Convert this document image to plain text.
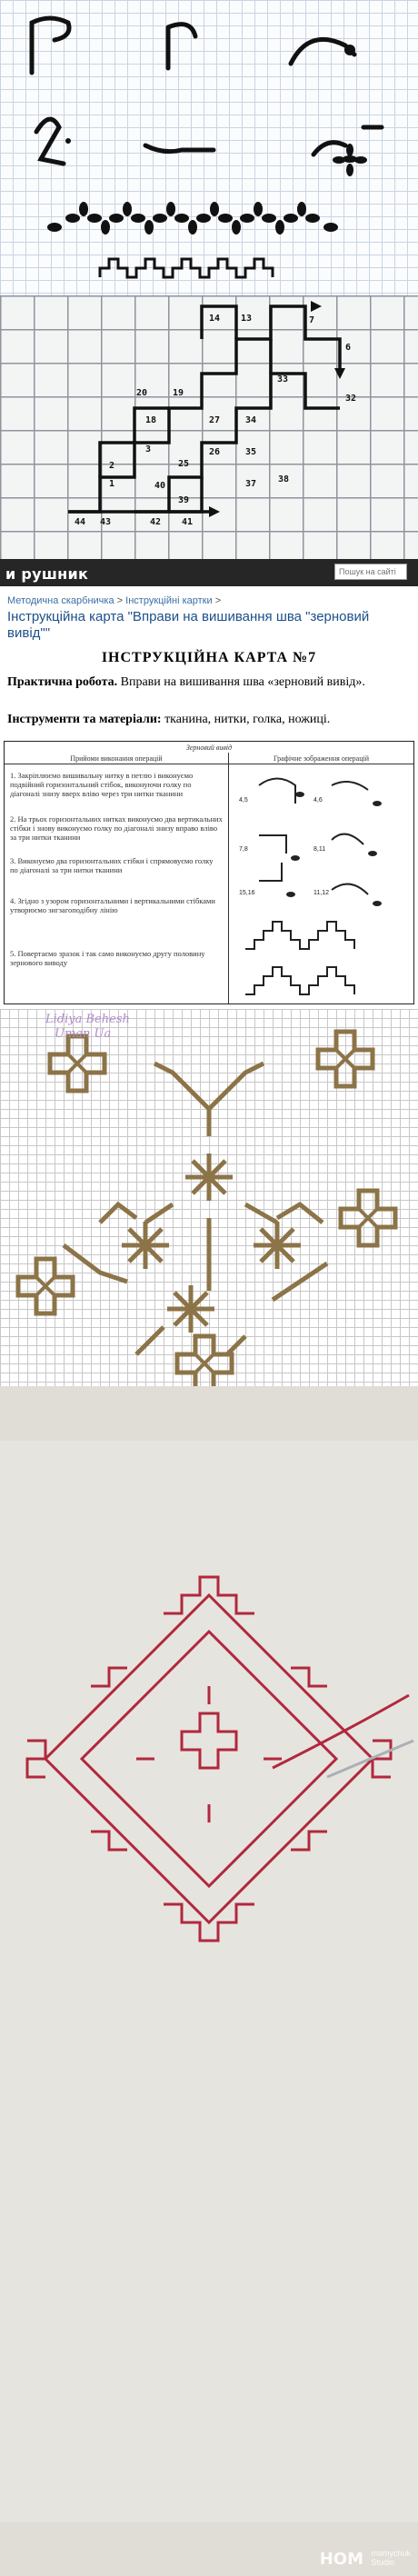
14 13	7
6
20	19
18
33
32
27	34
35
26
3
25
38
37
2
1	40
39
44 43	42 41
и рушник
Пошук на сайті
Методична скарбничка > Інструкційні картки >
Інструкційна карта "Вправи на вишивання шва "зерновий вивід""
ІНСТРУКЦІЙНА КАРТА №7
Практична робота. Вправи на вишивання шва «зерновий вивід».
Інструменти та матеріали: тканина, нитки, голка, ножиці.
Зерновий вивід
Прийоми виконання операцій	Графічне зображення операцій
1. Закріплюємо вишивальну нитку в петлю і виконуємо подвійний горизонтальний стібок, виконуючи голку по діагоналі знизу вверх вліво через три нитки тканини
2. На трьох горизонтальних нитках виконуємо два вертикальних стібки і знову виконуємо голку по діагоналі знизу вправо вліво за три нитки тканини
3. Виконуємо два горизонтальних стібки і спрямовуємо голку по діагоналі за три нитки тканини
4. Згідно з узором горизонтальними і вертикальними стібками утворюємо зигзагоподібну лінію
5. Повертаємо зразок і так само виконуємо другу половину зернового виводу
4,5	4,6
7,8	8,11
15,16	11,12
Lidiya Behesh
Uman Ua
НОМ mamychuk
Studio
